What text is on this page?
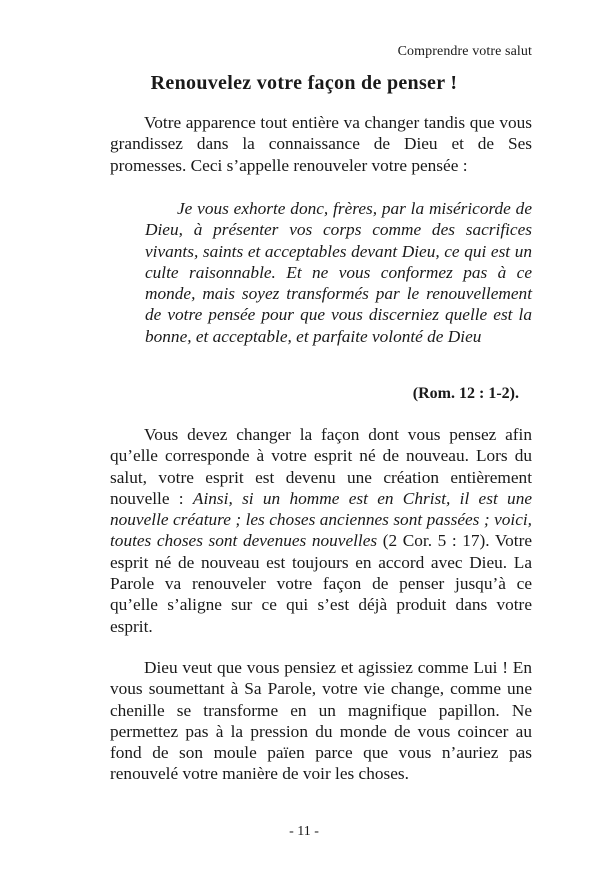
Comprendre votre salut
Renouvelez votre façon de penser !

Votre apparence tout entière va changer tandis que vous grandissez dans la connaissance de Dieu et de Ses promesses. Ceci s’appelle renouveler votre pensée :

Je vous exhorte donc, frères, par la miséricorde de Dieu, à présenter vos corps comme des sacrifices vivants, saints et acceptables devant Dieu, ce qui est un culte raisonnable. Et ne vous conformez pas à ce monde, mais soyez transformés par le renouvellement de votre pensée pour que vous discerniez quelle est la bonne, et acceptable, et parfaite volonté de Dieu

(Rom. 12 : 1-2).

Vous devez changer la façon dont vous pensez afin qu’elle corresponde à votre esprit né de nouveau. Lors du salut, votre esprit est devenu une création entièrement nouvelle : Ainsi, si un homme est en Christ, il est une nouvelle créature ; les choses anciennes sont passées ; voici, toutes choses sont devenues nouvelles (2 Cor. 5 : 17). Votre esprit né de nouveau est toujours en accord avec Dieu. La Parole va renouveler votre façon de penser jusqu’à ce qu’elle s’aligne sur ce qui s’est déjà produit dans votre esprit.

Dieu veut que vous pensiez et agissiez comme Lui ! En vous soumettant à Sa Parole, votre vie change, comme une chenille se transforme en un magnifique papillon. Ne permettez pas à la pression du monde de vous coincer au fond de son moule païen parce que vous n’auriez pas renouvelé votre manière de voir les choses.

- 11 -
